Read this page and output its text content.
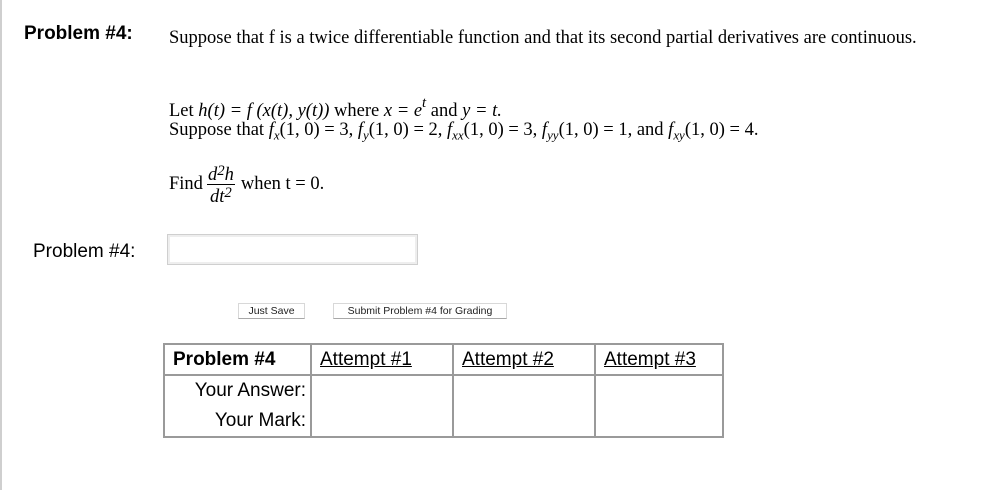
Problem #4: Suppose that f is a twice differentiable function and that its second partial derivatives are continuous.
Let h(t) = f (x(t), y(t)) where $x = e^t$ and y = t.
Suppose that $f_x(1$, 0) = 3, $f_y(1$, 0) = 2, $f_{xx}(1$, 0) = 3, $f_{yy}(1$, 0) = 1, and $f_{xy}(1$, 0) = 4.
Find $\frac{d^2h}{dt^2}$ when t = 0.
Problem #4:
Just Save	Submit Problem #4 for Grading
Problem #4	Attempt #1	Attempt #2	Attempt #3
Your Answer:			
Your Mark:			
